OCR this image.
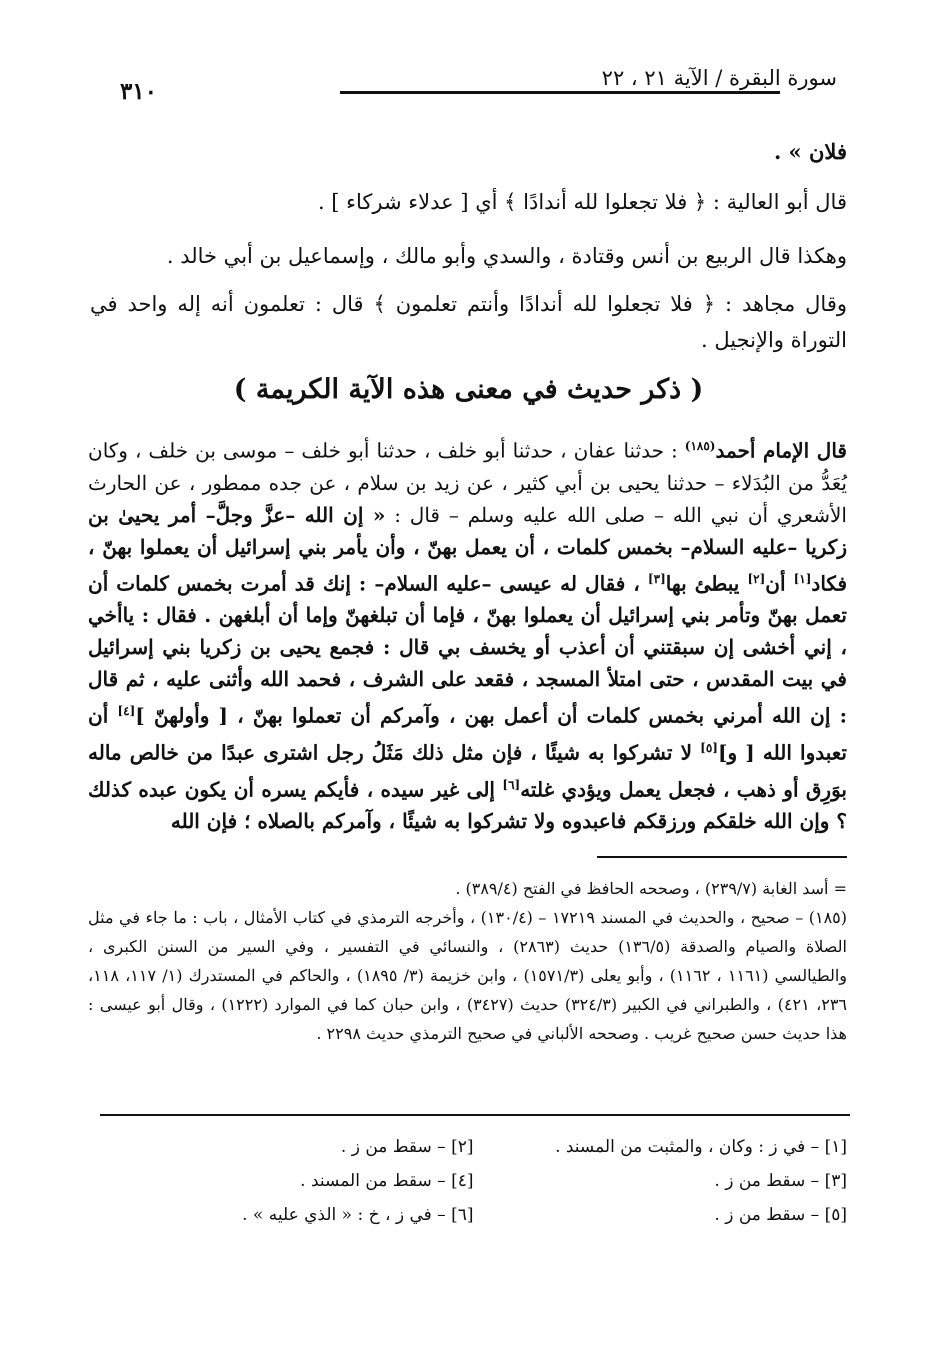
سورة البقرة / الآية ٢١ ، ٢٢
٣١٠
فلان » .
قال أبو العالية : ﴿ فلا تجعلوا لله أندادًا ﴾ أي [ عدلاء شركاء ] .
وهكذا قال الربيع بن أنس وقتادة ، والسدي وأبو مالك ، وإسماعيل بن أبي خالد .
وقال مجاهد : ﴿ فلا تجعلوا لله أندادًا وأنتم تعلمون ﴾ قال : تعلمون أنه إله واحد في التوراة والإنجيل .
( ذكر حديث في معنى هذه الآية الكريمة )
قال الإمام أحمد$^{(١٨٥)}$ : حدثنا عفان ، حدثنا أبو خلف ، حدثنا أبو خلف – موسى بن خلف ، وكان يُعَدُّ من البُدَلاء – حدثنا يحيى بن أبي كثير ، عن زيد بن سلام ، عن جده ممطور ، عن الحارث الأشعري أن نبي الله – صلى الله عليه وسلم – قال : « إن الله –عزَّ وجلَّ– أمر يحيىٰ بن زكريا –عليه السلام– بخمس كلمات ، أن يعمل بهنّ ، وأن يأمر بني إسرائيل أن يعملوا بهنّ ، فكاد[١] أن[٢] يبطئ بها[٣] ، فقال له عيسى –عليه السلام– : إنك قد أمرت بخمس كلمات أن تعمل بهنّ وتأمر بني إسرائيل أن يعملوا بهنّ ، فإما أن تبلغهنّ وإما أن أبلغهن . فقال : ياأخي ، إني أخشى إن سبقتني أن أعذب أو يخسف بي قال : فجمع يحيى بن زكريا بني إسرائيل في بيت المقدس ، حتى امتلأ المسجد ، فقعد على الشرف ، فحمد الله وأثنى عليه ، ثم قال : إن الله أمرني بخمس كلمات أن أعمل بهن ، وآمركم أن تعملوا بهنّ ، [ وأولهنّ ][٤] أن تعبدوا الله [ و][٥] لا تشركوا به شيئًا ، فإن مثل ذلك مَثَلُ رجل اشترى عبدًا من خالص ماله بوَرِق أو ذهب ، فجعل يعمل ويؤدي غلته[٦] إلى غير سيده ، فأيكم يسره أن يكون عبده كذلك ؟ وإن الله خلقكم ورزقكم فاعبدوه ولا تشركوا به شيئًا ، وآمركم بالصلاه ؛ فإن الله
= أسد الغابة (٢٣٩/٧) ، وصححه الحافظ في الفتح (٣٨٩/٤) .
(١٨٥) – صحيح ، والحديث في المسند ١٧٢١٩ – (١٣٠/٤) ، وأخرجه الترمذي في كتاب الأمثال ، باب : ما جاء في مثل الصلاة والصيام والصدقة (١٣٦/٥) حديث (٢٨٦٣) ، والنسائي في التفسير ، وفي السير من السنن الكبرى ، والطيالسي (١١٦١ ، ١١٦٢) ، وأبو يعلى (١٥٧١/٣) ، وابن خزيمة (٣/ ١٨٩٥) ، والحاكم في المستدرك (١/ ١١٧، ١١٨، ٢٣٦، ٤٢١) ، والطبراني في الكبير (٣٢٤/٣) حديث (٣٤٢٧) ، وابن حبان كما في الموارد (١٢٢٢) ، وقال أبو عيسى : هذا حديث حسن صحيح غريب . وصححه الألباني في صحيح الترمذي حديث ٢٢٩٨ .
[١] – في ز : وكان ، والمثبت من المسند .
[٢] – سقط من ز .
[٣] – سقط من ز .
[٤] – سقط من المسند .
[٥] – سقط من ز .
[٦] – في ز ، خ : « الذي عليه » .
